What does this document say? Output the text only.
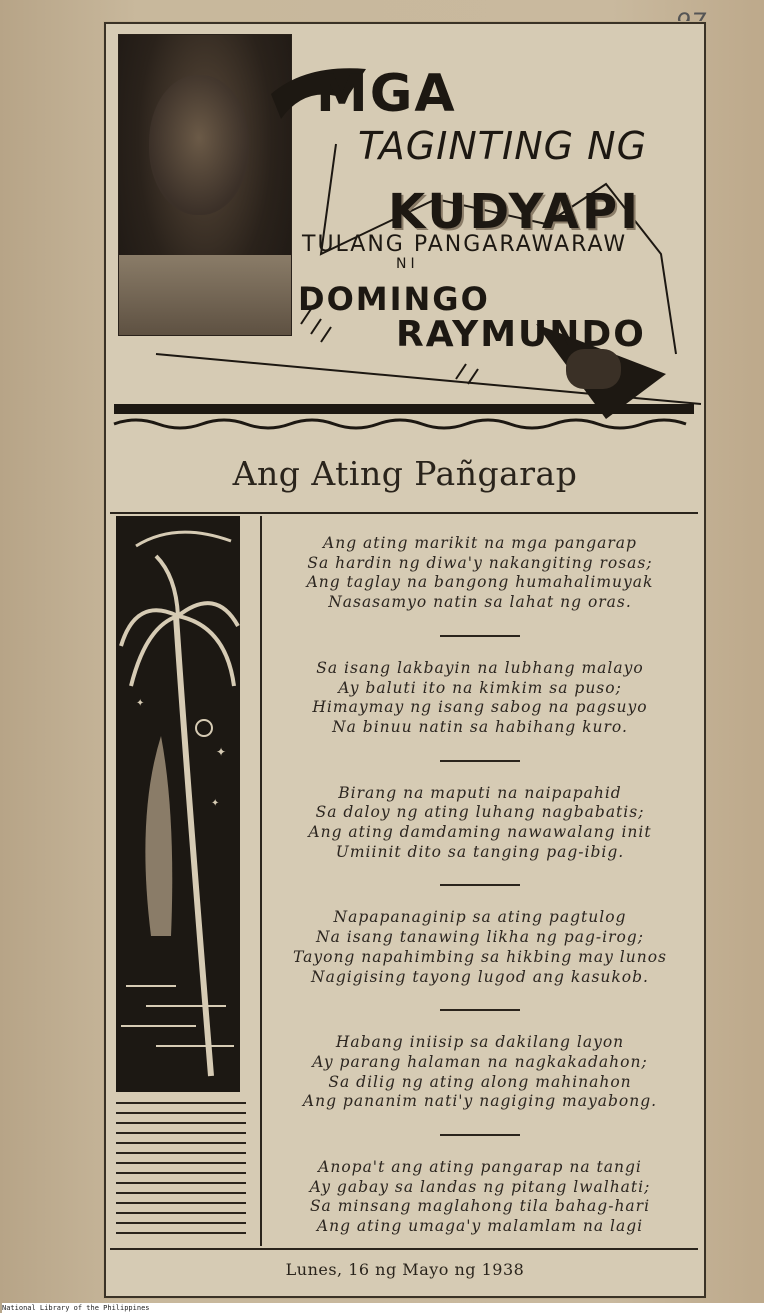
MGA
TAGINTING NG
KUDYAPI
TULANG PANGARAWARAW
NI
DOMINGO
RAYMUNDO
Ang Ating Pañgarap
✦
✦
✦

Ang ating marikit na mga pangarap

Sa hardin ng diwa'y nakangiting rosas;

Ang taglay na bangong humahalimuyak

Nasasamyo natin sa lahat ng oras.

Sa isang lakbayin na lubhang malayo

Ay baluti ito na kimkim sa puso;

Himaymay ng isang sabog na pagsuyo

Na binuu natin sa habihang kuro.

Birang na maputi na naipapahid

Sa daloy ng ating luhang nagbabatis;

Ang ating damdaming nawawalang init

Umiinit dito sa tanging pag-ibig.

Napapanaginip sa ating pagtulog

Na isang tanawing likha ng pag-irog;

Tayong napahimbing sa hikbing may lunos

Nagigising tayong lugod ang kasukob.

Habang iniisip sa dakilang layon

Ay parang halaman na nagkakadahon;

Sa dilig ng ating along mahinahon

Ang pananim nati'y nagiging mayabong.

Anopa't ang ating pangarap na tangi

Ay gabay sa landas ng pitang lwalhati;

Sa minsang maglahong tila bahag-hari

Ang ating umaga'y malamlam na lagi

Lunes, 16 ng Mayo ng 1938
National Library of the Philippines
